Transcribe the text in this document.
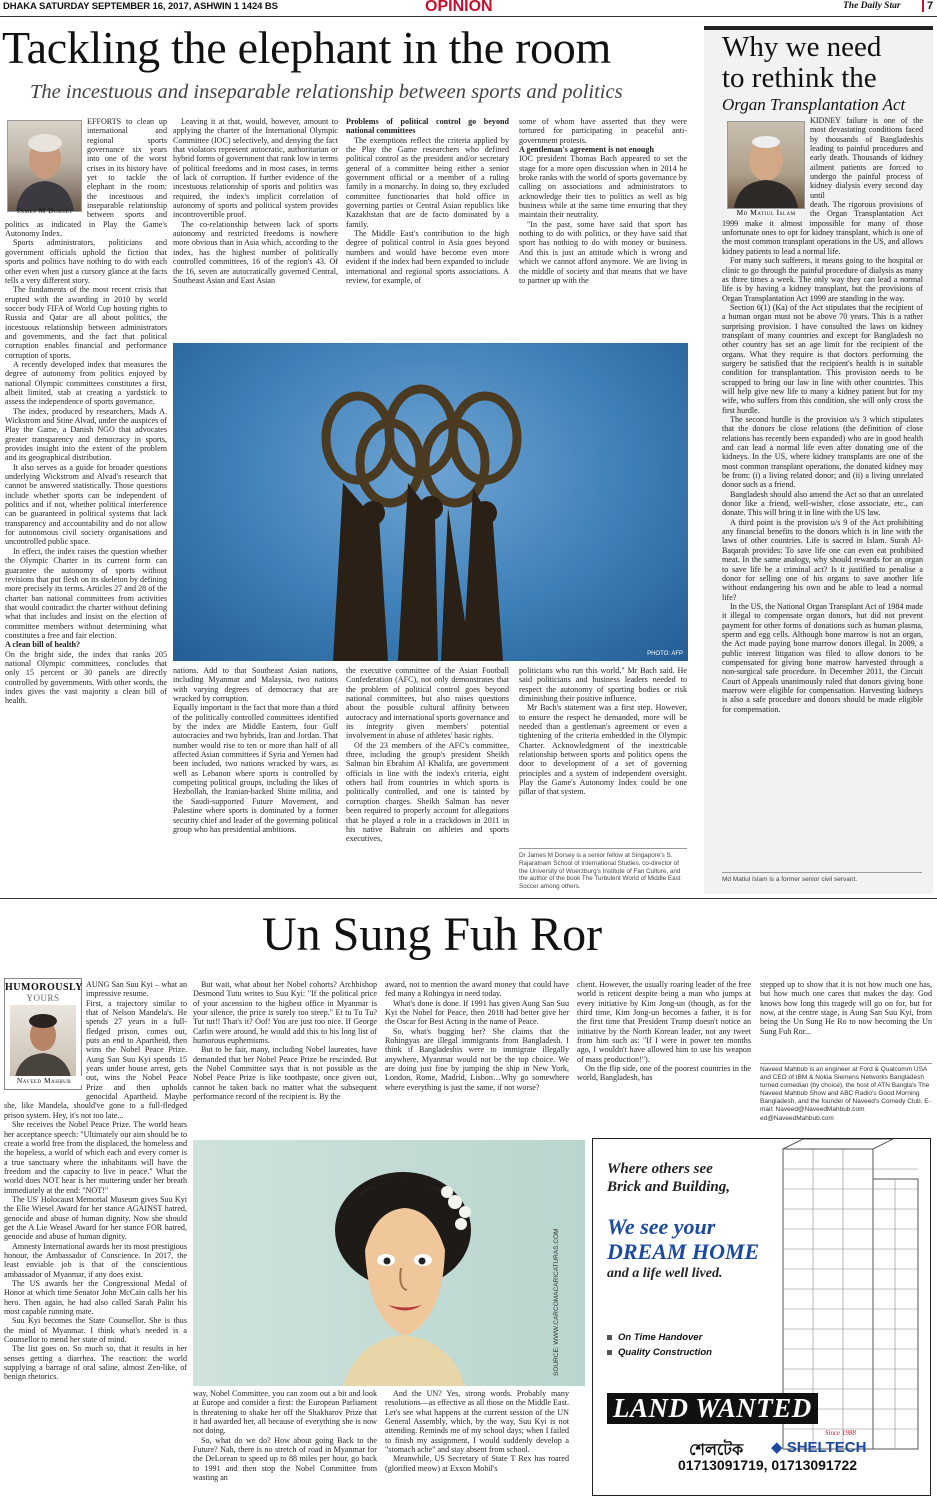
DHAKA SATURDAY SEPTEMBER 16, 2017, ASHWIN 1 1424 BS	OPINION	The Daily Star	7
Tackling the elephant in the room
The incestuous and inseparable relationship between sports and politics
James M Dorsey

EFFORTS to clean up international and regional sports governance six years into one of the worst crises in its history have yet to tackle the elephant in the room: the incestuous and inseparable relationship between sports and politics as indicated in Play the Game's Autonomy Index.

Sports administrators, politicians and government officials uphold the fiction that sports and politics have nothing to do with each other even when just a cursory glance at the facts tells a very different story.

The fundaments of the most recent crisis that erupted with the awarding in 2010 by world soccer body FIFA of World Cup hosting rights to Russia and Qatar are all about politics, the incestuous relationship between administrators and governments, and the fact that political corruption enables financial and performance corruption of sports.

A recently developed index that measures the degree of autonomy from politics enjoyed by national Olympic committees constitutes a first, albeit limited, stab at creating a yardstick to assess the independence of sports governance.

The index, produced by researchers, Mads A. Wickstrom and Stine Alvad, under the auspices of Play the Game, a Danish NGO that advocates greater transparency and democracy in sports, provides insight into the extent of the problem and its geographical distribution.

It also serves as a guide for broader questions underlying Wickstrom and Alvad's research that cannot be answered statistically. Those questions include whether sports can be independent of politics and if not, whether political interference can be guaranteed in political systems that lack transparency and accountability and do not allow for autonomous civil society organisations and uncontrolled public space.

In effect, the index raises the question whether the Olympic Charter in its current form can guarantee the autonomy of sports without revisions that put flesh on its skeleton by defining more precisely its terms. Articles 27 and 28 of the charter ban national committees from activities that would contradict the charter without defining what that includes and insist on the election of committee members without determining what constitutes a free and fair election.

A clean bill of health?

On the bright side, the index that ranks 205 national Olympic committees, concludes that only 15 percent or 30 panels are directly controlled by governments. With other words, the index gives the vast majority a clean bill of health.

Leaving it at that, would, however, amount to applying the charter of the International Olympic Committee (IOC) selectively, and denying the fact that violators represent autocratic, authoritarian or hybrid forms of government that rank low in terms of political freedoms and in most cases, in terms of lack of corruption. If further evidence of the incestuous relationship of sports and politics was required, the index's implicit correlation of autonomy of sports and political system provides incontrovertible proof.

The co-relationship between lack of sports autonomy and restricted freedoms is nowhere more obvious than in Asia which, according to the index, has the highest number of politically controlled committees, 16 of the region's 43. Of the 16, seven are autocratically governed Central, Southeast Asian and East Asian

Problems of political control go beyond national committees

The exemptions reflect the criteria applied by the Play the Game researchers who defined political control as the president and/or secretary general of a committee being either a senior government official or a member of a ruling family in a monarchy. In doing so, they excluded committee functionaries that hold office in governing parties or Central Asian republics like Kazakhstan that are de facto dominated by a family.

The Middle East's contribution to the high degree of political control in Asia goes beyond numbers and would have become even more evident if the index had been expanded to include international and regional sports associations. A review, for example, of

some of whom have asserted that they were tortured for participating in peaceful anti-government protests.

A gentleman's agreement is not enough

IOC president Thomas Bach appeared to set the stage for a more open discussion when in 2014 he broke ranks with the world of sports governance by calling on associations and administrators to acknowledge their ties to politics as well as big business while at the same time ensuring that they maintain their neutrality.

"In the past, some have said that sport has nothing to do with politics, or they have said that sport has nothing to do with money or business. And this is just an attitude which is wrong and which we cannot afford anymore. We are living in the middle of society and that means that we have to partner up with the

PHOTO: AFP

nations. Add to that Southeast Asian nations, including Myanmar and Malaysia, two nations with varying degrees of democracy that are wracked by corruption.

Equally important is the fact that more than a third of the politically controlled committees identified by the index are Middle Eastern, four Gulf autocracies and two hybrids, Iran and Jordan. That number would rise to ten or more than half of all affected Asian committees if Syria and Yemen had been included, two nations wracked by wars, as well as Lebanon where sports is controlled by competing political groups, including the likes of Hezbollah, the Iranian-backed Shiite militia, and the Saudi-supported Future Movement, and Palestine where sports is dominated by a former security chief and leader of the governing political group who has presidential ambitions.

the executive committee of the Asian Football Confederation (AFC), not only demonstrates that the problem of political control goes beyond national committees, but also raises questions about the possible cultural affinity between autocracy and international sports governance and its integrity given members' potential involvement in abuse of athletes' basic rights.

Of the 23 members of the AFC's committee, three, including the group's president Sheikh Salman bin Ebrahim Al Khalifa, are government officials in line with the index's criteria, eight others hail from countries in which sports is politically controlled, and one is tainted by corruption charges. Sheikh Salman has never been required to properly account for allegations that he played a role in a crackdown in 2011 in his native Bahrain on athletes and sports executives,

politicians who run this world," Mr Bach said. He said politicians and business leaders needed to respect the autonomy of sporting bodies or risk diminishing their positive influence.

Mr Bach's statement was a first step. However, to ensure the respect he demanded, more will be needed than a gentleman's agreement or even a tightening of the criteria embedded in the Olympic Charter. Acknowledgment of the inextricable relationship between sports and politics opens the door to development of a set of governing principles and a system of independent oversight. Play the Game's Autonomy Index could be one pillar of that system.

Dr James M Dorsey is a senior fellow at Singapore's S. Rajaratnam School of International Studies, co-director of the University of Wuerzburg's Institute of Fan Culture, and the author of the book The Turbulent World of Middle East Soccer among others.
Why we need
to rethink the
Organ Transplantation Act
Md Matiul Islam

KIDNEY failure is one of the most devastating conditions faced by thousands of Bangladeshis leading to painful procedures and early death. Thousands of kidney ailment patients are forced to undergo the painful process of kidney dialysis every second day until

death. The rigorous provisions of the Organ Transplantation Act 1999 make it almost impossible for many of those unfortunate ones to opt for kidney transplant, which is one of the most common transplant operations in the US, and allows kidney patients to lead a normal life.

For many such sufferers, it means going to the hospital or clinic to go through the painful procedure of dialysis as many as three times a week. The only way they can lead a normal life is by having a kidney transplant, but the provisions of Organ Transplantation Act 1999 are standing in the way.

Section 6(1) (Ka) of the Act stipulates that the recipient of a human organ must not be above 70 years. This is a rather surprising provision. I have consulted the laws on kidney transplant of many countries and except for Bangladesh no other country has set an age limit for the recipient of the organs. What they require is that doctors performing the surgery be satisfied that the recipient's health is in suitable condition for transplantation. This provision needs to be scrapped to bring our law in line with other countries. This will help give new life to many a kidney patient but for my wife, who suffers from this condition, she will only cross the first hurdle.

The second hurdle is the provision u/s 3 which stipulates that the donors be close relations (the definition of close relations has recently been expanded) who are in good health and can lead a normal life even after donating one of the kidneys. In the US, where kidney transplants are one of the most common transplant operations, the donated kidney may be from: (i) a living related donor; and (ii) a living unrelated donor such as a friend.

Bangladesh should also amend the Act so that an unrelated donor like a friend, well-wisher, close associate, etc., can donate. This will bring it in line with the US law.

A third point is the provision u/s 9 of the Act prohibiting any financial benefits to the donors which is in line with the laws of other countries. Life is sacred in Islam. Surah Al-Baqarah provides: To save life one can even eat prohibited meat. In the same analogy, why should rewards for an organ to save life be a criminal act? Is it justified to penalise a donor for selling one of his organs to save another life without endangering his own and be able to lead a normal life?

In the US, the National Organ Transplant Act of 1984 made it illegal to compensate organ donors, but did not prevent payment for other forms of donations such as human plasma, sperm and egg cells. Although bone marrow is not an organ, the Act made paying bone marrow donors illegal. In 2009, a public interest litigation was filed to allow donors to be compensated for giving bone marrow harvested through a non-surgical safe procedure. In December 2011, the Circuit Court of Appeals unanimously ruled that donors giving bone marrow were eligible for compensation. Harvesting kidneys is also a safe procedure and donors should be made eligible for compensation.

Md Matiul Islam is a former senior civil servant.
Un Sung Fuh Ror
HUMOROUSLY
YOURS
Naveed Mahbub

AUNG San Suu Kyi – what an impressive resume.

First, a trajectory similar to that of Nelson Mandela's. He spends 27 years in a full-fledged prison, comes out, puts an end to Apartheid, then wins the Nobel Peace Prize. Aung San Suu Kyi spends 15 years under house arrest, gets out, wins the Nobel Peace Prize and then upholds genocidal Apartheid. Maybe she, like Mandela, should've gone to a full-fledged prison system. Hey, it's not too late...

She receives the Nobel Peace Prize. The world hears her acceptance speech: "Ultimately our aim should be to create a world free from the displaced, the homeless and the hopeless, a world of which each and every corner is a true sanctuary where the inhabitants will have the freedom and the capacity to live in peace." What the world does NOT hear is her muttering under her breath immediately at the end: "NOT!"

The US' Holocaust Memorial Museum gives Suu Kyi the Elie Wiesel Award for her stance AGAINST hatred, genocide and abuse of human dignity. Now she should get the A Lie Weasel Award for her stance FOR hatred, genocide and abuse of human dignity.

Amnesty International awards her its most prestigious honour, the Ambassador of Conscience. In 2017, the least enviable job is that of the conscientious ambassador of Myanmar, if any does exist.

The US awards her the Congressional Medal of Honor at which time Senator John McCain calls her his hero. Then again, he had also called Sarah Palin his most capable running mate.

Suu Kyi becomes the State Counsellor. She is thus the mind of Myanmar. I think what's needed is a Counsellor to mend her state of mind.

The list goes on. So much so, that it results in her senses getting a diarrhea. The reaction: the world supplying a barrage of oral saline, almost Zen-like, of benign rhetorics.

But wait, what about her Nobel cohorts? Archbishop Desmond Tutu writes to Suu Kyi: "If the political price of your ascension to the highest office in Myanmar is your silence, the price is surely too steep." Et tu Tu Tu? Tut tut!! That's it? Oof! You are just too nice. If George Carlin were around, he would add this to his long list of humorous euphemisms.

But to be fair, many, including Nobel laureates, have demanded that her Nobel Peace Prize be rescinded. But the Nobel Committee says that is not possible as the Nobel Peace Prize is like toothpaste, once given out, cannot be taken back no matter what the subsequent performance record of the recipient is. By the

award, not to mention the award money that could have fed many a Rohingya in need today.

What's done is done. If 1991 has given Aung San Suu Kyi the Nobel for Peace, then 2018 had better give her the Oscar for Best Acting in the name of Peace.

So, what's bugging her? She claims that the Rohingyas are illegal immigrants from Bangladesh. I think if Bangladeshis were to immigrate illegally anywhere, Myanmar would not be the top choice. We are doing just fine by jumping the ship in New York, London, Rome, Madrid, Lisbon…Why go somewhere where everything is just the same, if not worse?

client. However, the usually roaring leader of the free world is reticent despite being a man who jumps at every initiative by Kim Jong-un (though, as for the third time, Kim Jong-un becomes a father, it is for the first time that President Trump doesn't notice an initiative by the North Korean leader, not any tweet from him such as: "If I were in power ten months ago, I wouldn't have allowed him to use his weapon of mass production!").

On the flip side, one of the poorest countries in the world, Bangladesh, has

stepped up to show that it is not how much one has, but how much one cares that makes the day. God knows how long this tragedy will go on for, but for now, at the centre stage, is Aung San Suu Kyi, from being the Un Sung He Ro to now becoming the Un Sung Fuh Ror...

Naveed Mahbub is an engineer at Ford & Qualcomm USA and CEO of IBM & Nokia Siemens Networks Bangladesh turned comedian (by choice), the host of ATN Bangla's The Naveed Mahbub Show and ABC Radio's Good Morning Bangladesh, and the founder of Naveed's Comedy Club. E-mail: Naveed@NaveedMahbub.com ed@NaveedMahbub.com
SOURCE: WWW.CARCOMACARICATURAS.COM

way, Nobel Committee, you can zoom out a bit and look at Europe and consider a first: the European Parliament is threatening to shake her off the Shakharov Prize that it had awarded her, all because of everything she is now not doing.

So, what do we do? How about going Back to the Future? Nah, there is no stretch of road in Myanmar for the DeLorean to speed up to 88 miles per hour, go back to 1991 and then stop the Nobel Committee from wasting an

And the UN? Yes, strong words. Probably many resolutions—as effective as all those on the Middle East. Let's see what happens at the current session of the UN General Assembly, which, by the way, Suu Kyi is not attending. Reminds me of my school days; when I failed to finish my assignment, I would suddenly develop a "stomach ache" and stay absent from school.

Meanwhile, US Secretary of State T Rex has roared (glorified meow) at Exxon Mobil's

Where others see
Brick and Building,
We see your
DREAM HOME
and a life well lived.
On Time Handover
Quality Construction
LAND WANTED
শেলটেক ◆ SHELTECH
Since 1988
01713091719, 01713091722
